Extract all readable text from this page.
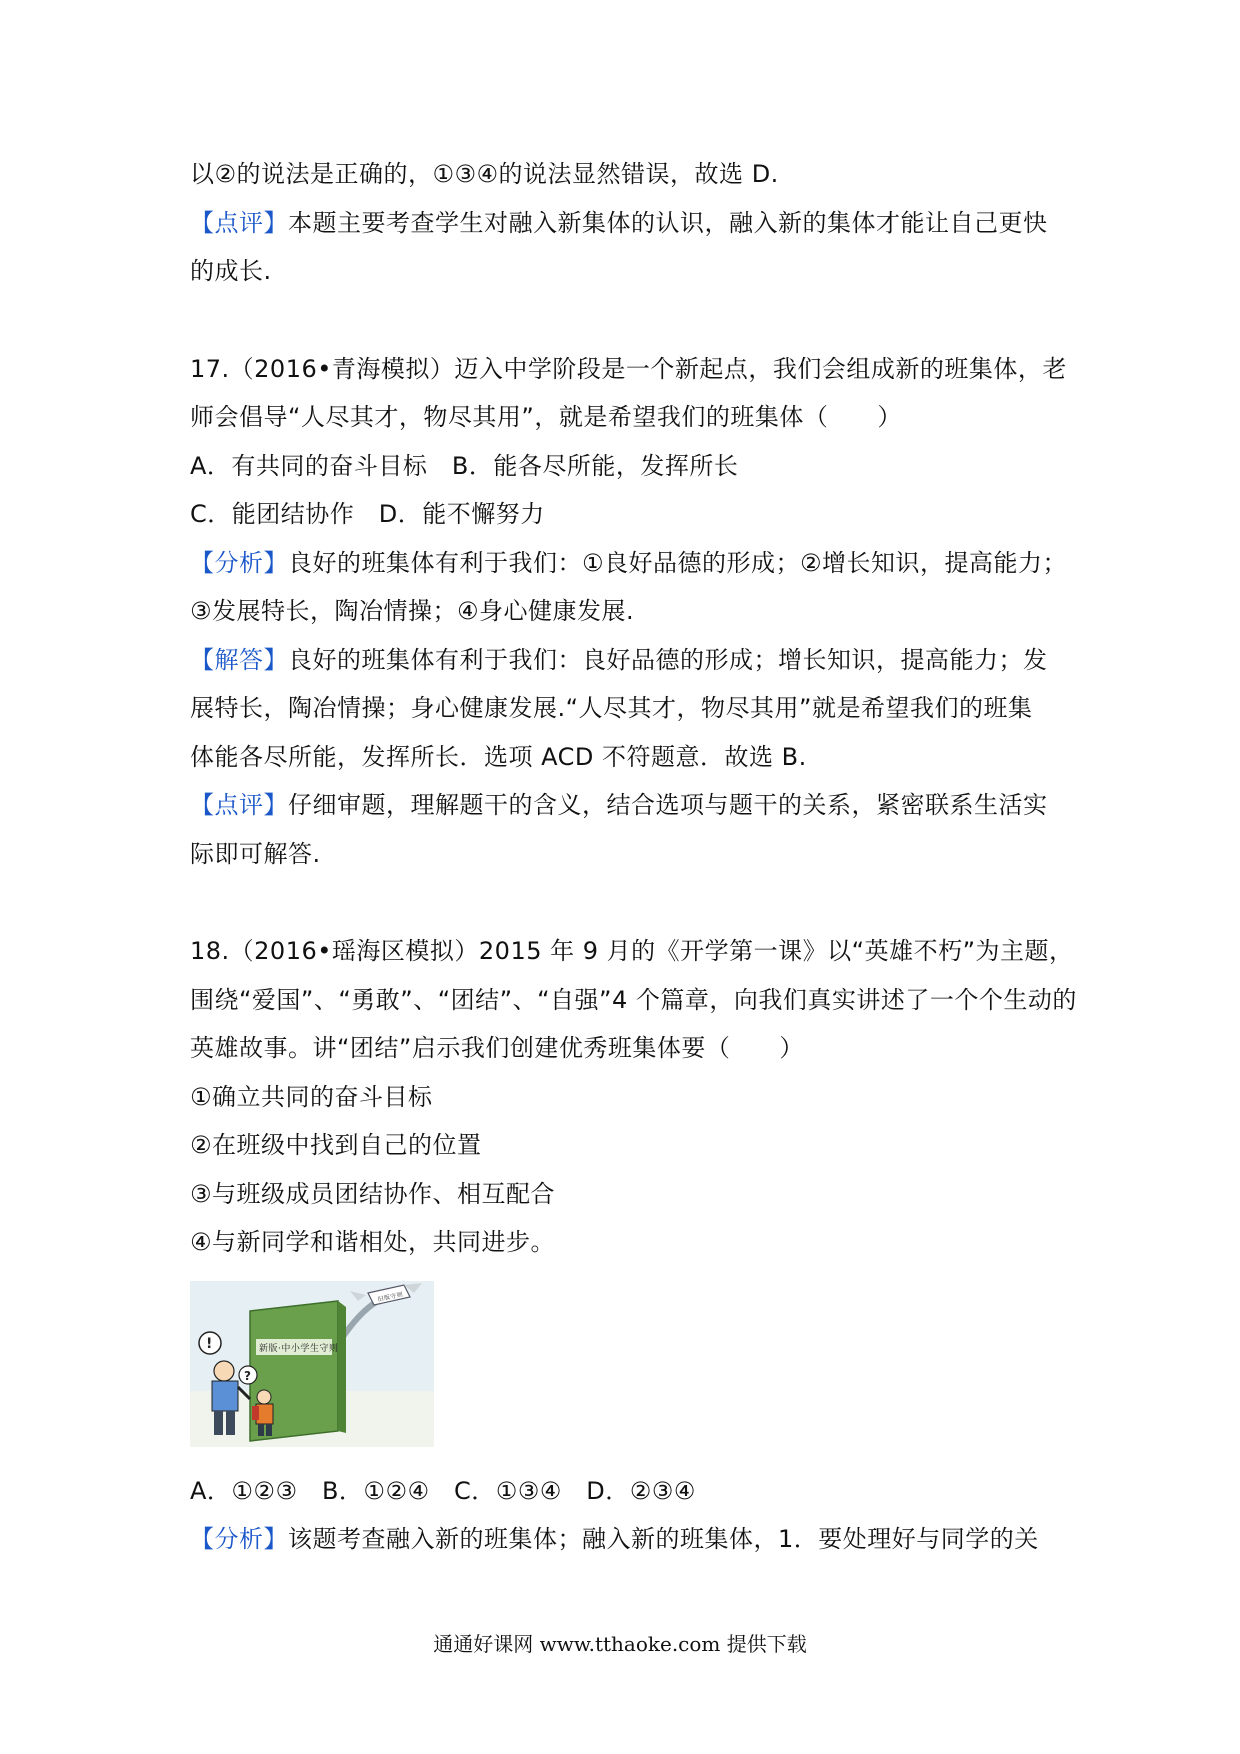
以②的说法是正确的，①③④的说法显然错误，故选 D.
【点评】本题主要考查学生对融入新集体的认识，融入新的集体才能让自己更快
的成长.
17.（2016•青海模拟）迈入中学阶段是一个新起点，我们会组成新的班集体，老
师会倡导“人尽其才，物尽其用”，就是希望我们的班集体（　　）
A．有共同的奋斗目标　B．能各尽所能，发挥所长
C．能团结协作　D．能不懈努力
【分析】良好的班集体有利于我们：①良好品德的形成；②增长知识，提高能力；
③发展特长，陶冶情操；④身心健康发展.
【解答】良好的班集体有利于我们：良好品德的形成；增长知识，提高能力；发
展特长，陶冶情操；身心健康发展.“人尽其才，物尽其用”就是希望我们的班集
体能各尽所能，发挥所长．选项 ACD 不符题意．故选 B.
【点评】仔细审题，理解题干的含义，结合选项与题干的关系，紧密联系生活实
际即可解答.
18.（2016•瑶海区模拟）2015 年 9 月的《开学第一课》以“英雄不朽”为主题，
围绕“爱国”、“勇敢”、“团结”、“自强”4 个篇章，向我们真实讲述了一个个生动的
英雄故事。讲“团结”启示我们创建优秀班集体要（　　）
①确立共同的奋斗目标
②在班级中找到自己的位置
③与班级成员团结协作、相互配合
④与新同学和谐相处，共同进步。
旧版守则
新版·中小学生守则
!
?
A．①②③　B．①②④　C．①③④　D．②③④
【分析】该题考查融入新的班集体；融入新的班集体，1．要处理好与同学的关
通通好课网 www.tthaoke.com 提供下载
